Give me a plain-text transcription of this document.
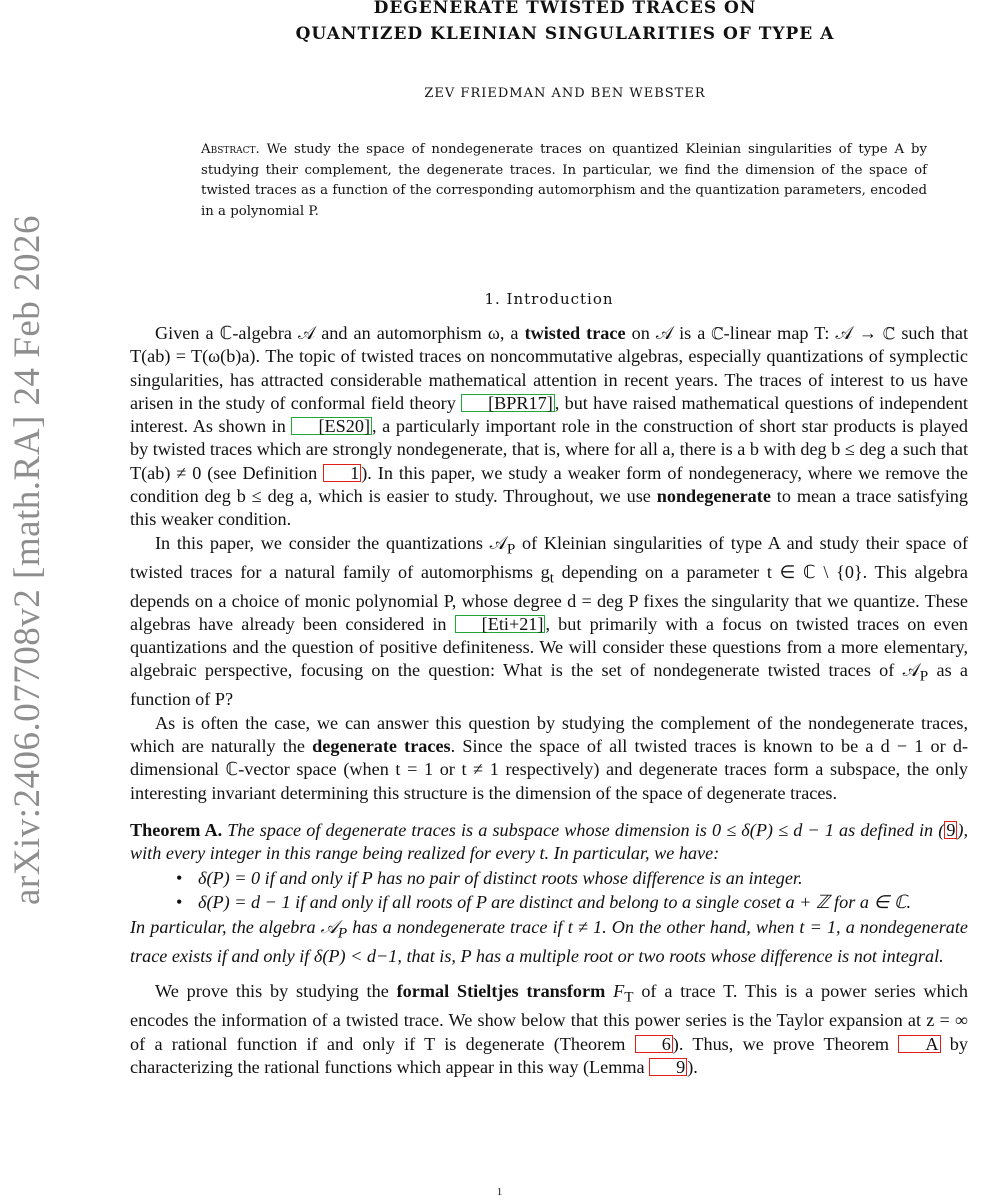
arXiv:2406.07708v2 [math.RA] 24 Feb 2026
DEGENERATE TWISTED TRACES ON
QUANTIZED KLEINIAN SINGULARITIES OF TYPE A
ZEV FRIEDMAN AND BEN WEBSTER
Abstract. We study the space of nondegenerate traces on quantized Kleinian singularities of type A by studying their complement, the degenerate traces. In particular, we find the dimension of the space of twisted traces as a function of the corresponding automorphism and the quantization parameters, encoded in a polynomial P.
1. Introduction

Given a ℂ-algebra 𝒜 and an automorphism ω, a twisted trace on 𝒜 is a ℂ-linear map T: 𝒜 → ℂ such that T(ab) = T(ω(b)a). The topic of twisted traces on noncommutative algebras, especially quantizations of symplectic singularities, has attracted considerable mathematical attention in recent years. The traces of interest to us have arisen in the study of conformal field theory [BPR17] , but have raised mathematical questions of independent interest. As shown in [ES20] , a particularly important role in the construction of short star products is played by twisted traces which are strongly nondegenerate, that is, where for all a, there is a b with deg b ≤ deg a such that T(ab) ≠ 0 (see Definition 1 ). In this paper, we study a weaker form of nondegeneracy, where we remove the condition deg b ≤ deg a, which is easier to study. Throughout, we use nondegenerate to mean a trace satisfying this weaker condition.

In this paper, we consider the quantizations 𝒜$_P$ of Kleinian singularities of type A and study their space of twisted traces for a natural family of automorphisms $g_t$ depending on a parameter t ∈ ℂ \ {0}. This algebra depends on a choice of monic polynomial P, whose degree d = deg P fixes the singularity that we quantize. These algebras have already been considered in [Eti+21] , but primarily with a focus on twisted traces on even quantizations and the question of positive definiteness. We will consider these questions from a more elementary, algebraic perspective, focusing on the question: What is the set of nondegenerate twisted traces of 𝒜$_P$ as a function of P?

As is often the case, we can answer this question by studying the complement of the nondegenerate traces, which are naturally the degenerate traces. Since the space of all twisted traces is known to be a d − 1 or d-dimensional ℂ-vector space (when t = 1 or t ≠ 1 respectively) and degenerate traces form a subspace, the only interesting invariant determining this structure is the dimension of the space of degenerate traces.

Theorem A. The space of degenerate traces is a subspace whose dimension is 0 ≤ δ(P) ≤ d − 1 as defined in ( 9 ), with every integer in this range being realized for every t. In particular, we have:
• δ(P) = 0 if and only if P has no pair of distinct roots whose difference is an integer.
• δ(P) = d − 1 if and only if all roots of P are distinct and belong to a single coset a + ℤ for a ∈ ℂ.
In particular, the algebra 𝒜$_P$ has a nondegenerate trace if t ≠ 1. On the other hand, when t = 1, a nondegenerate trace exists if and only if δ(P) < d−1, that is, P has a multiple root or two roots whose difference is not integral.

We prove this by studying the formal Stieltjes transform $F_T$ of a trace T. This is a power series which encodes the information of a twisted trace. We show below that this power series is the Taylor expansion at z = ∞ of a rational function if and only if T is degenerate (Theorem 6 ). Thus, we prove Theorem A by characterizing the rational functions which appear in this way (Lemma 9 ).

1
